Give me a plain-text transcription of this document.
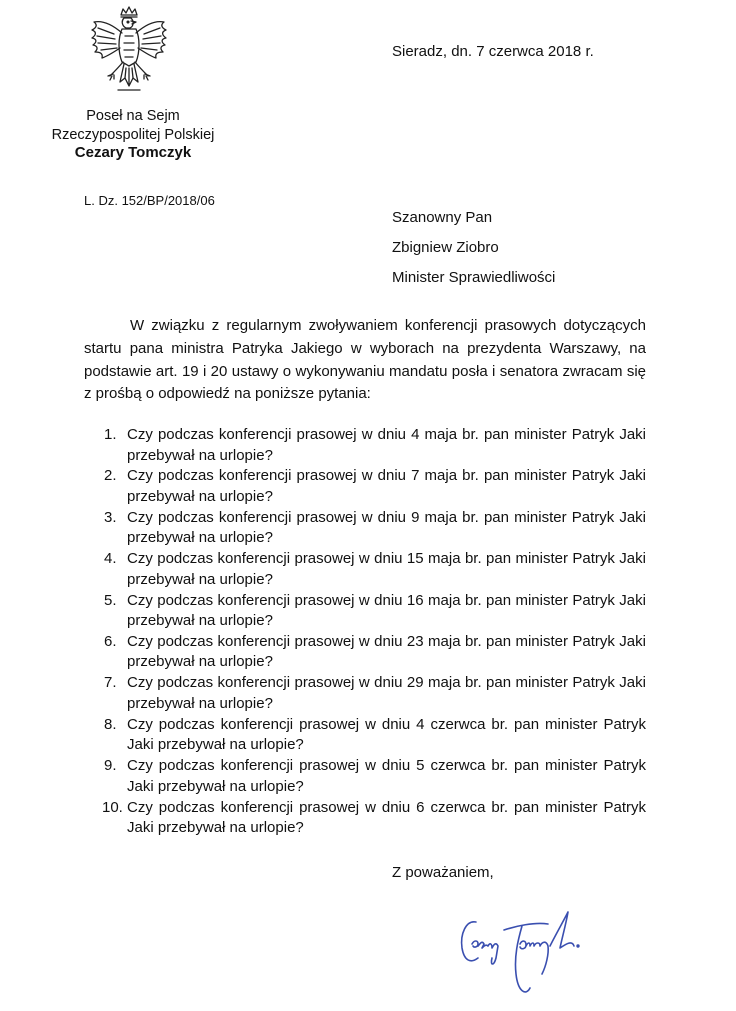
Poseł na Sejm
Rzeczypospolitej Polskiej
Cezary Tomczyk
Sieradz, dn. 7 czerwca 2018 r.
L. Dz. 152/BP/2018/06
Szanowny Pan
Zbigniew Ziobro
Minister Sprawiedliwości

W związku z regularnym zwoływaniem konferencji prasowych dotyczących startu pana ministra Patryka Jakiego w wyborach na prezydenta Warszawy, na podstawie art. 19 i 20 ustawy o wykonywaniu mandatu posła i senatora zwracam się z prośbą o odpowiedź na poniższe pytania:

1. Czy podczas konferencji prasowej w dniu 4 maja br. pan minister Patryk Jaki przebywał na urlopie?
2. Czy podczas konferencji prasowej w dniu 7 maja br. pan minister Patryk Jaki przebywał na urlopie?
3. Czy podczas konferencji prasowej w dniu 9 maja br. pan minister Patryk Jaki przebywał na urlopie?
4. Czy podczas konferencji prasowej w dniu 15 maja br. pan minister Patryk Jaki przebywał na urlopie?
5. Czy podczas konferencji prasowej w dniu 16 maja br. pan minister Patryk Jaki przebywał na urlopie?
6. Czy podczas konferencji prasowej w dniu 23 maja br. pan minister Patryk Jaki przebywał na urlopie?
7. Czy podczas konferencji prasowej w dniu 29 maja br. pan minister Patryk Jaki przebywał na urlopie?
8. Czy podczas konferencji prasowej w dniu 4 czerwca br. pan minister Patryk Jaki przebywał na urlopie?
9. Czy podczas konferencji prasowej w dniu 5 czerwca br. pan minister Patryk Jaki przebywał na urlopie?
10. Czy podczas konferencji prasowej w dniu 6 czerwca br. pan minister Patryk Jaki przebywał na urlopie?
Z poważaniem,
